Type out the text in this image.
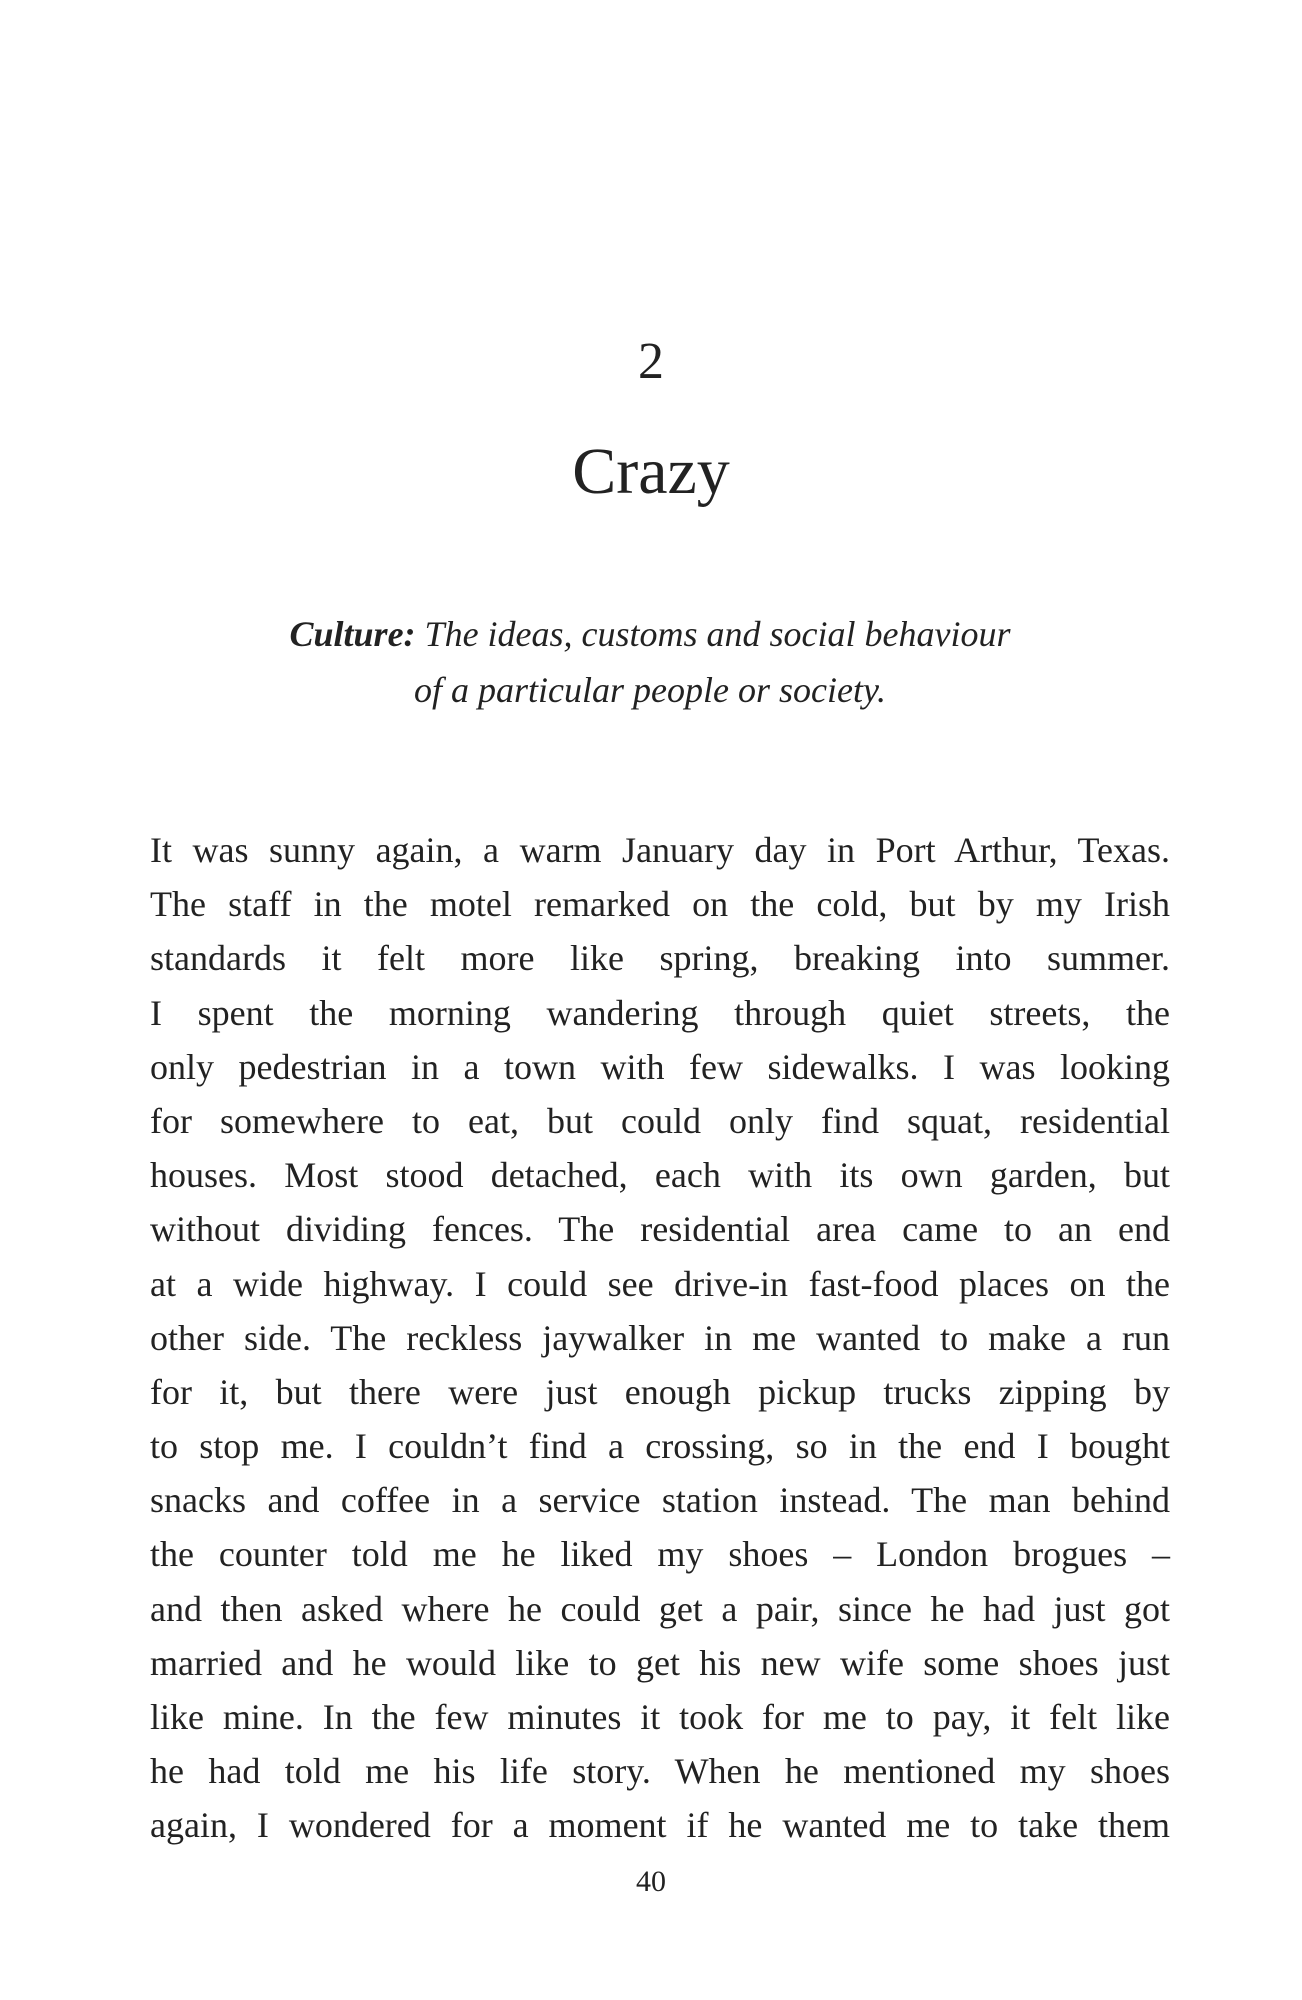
2
Crazy
Culture: The ideas, customs and social behaviour
of a particular people or society.
It was sunny again, a warm January day in Port Arthur, Texas.
The staff in the motel remarked on the cold, but by my Irish
standards it felt more like spring, breaking into summer.
I spent the morning wandering through quiet streets, the
only pedestrian in a town with few sidewalks. I was looking
for somewhere to eat, but could only find squat, residential
houses. Most stood detached, each with its own garden, but
without dividing fences. The residential area came to an end
at a wide highway. I could see drive-in fast-food places on the
other side. The reckless jaywalker in me wanted to make a run
for it, but there were just enough pickup trucks zipping by
to stop me. I couldn’t find a crossing, so in the end I bought
snacks and coffee in a service station instead. The man behind
the counter told me he liked my shoes – London brogues –
and then asked where he could get a pair, since he had just got
married and he would like to get his new wife some shoes just
like mine. In the few minutes it took for me to pay, it felt like
he had told me his life story. When he mentioned my shoes
again, I wondered for a moment if he wanted me to take them
40
